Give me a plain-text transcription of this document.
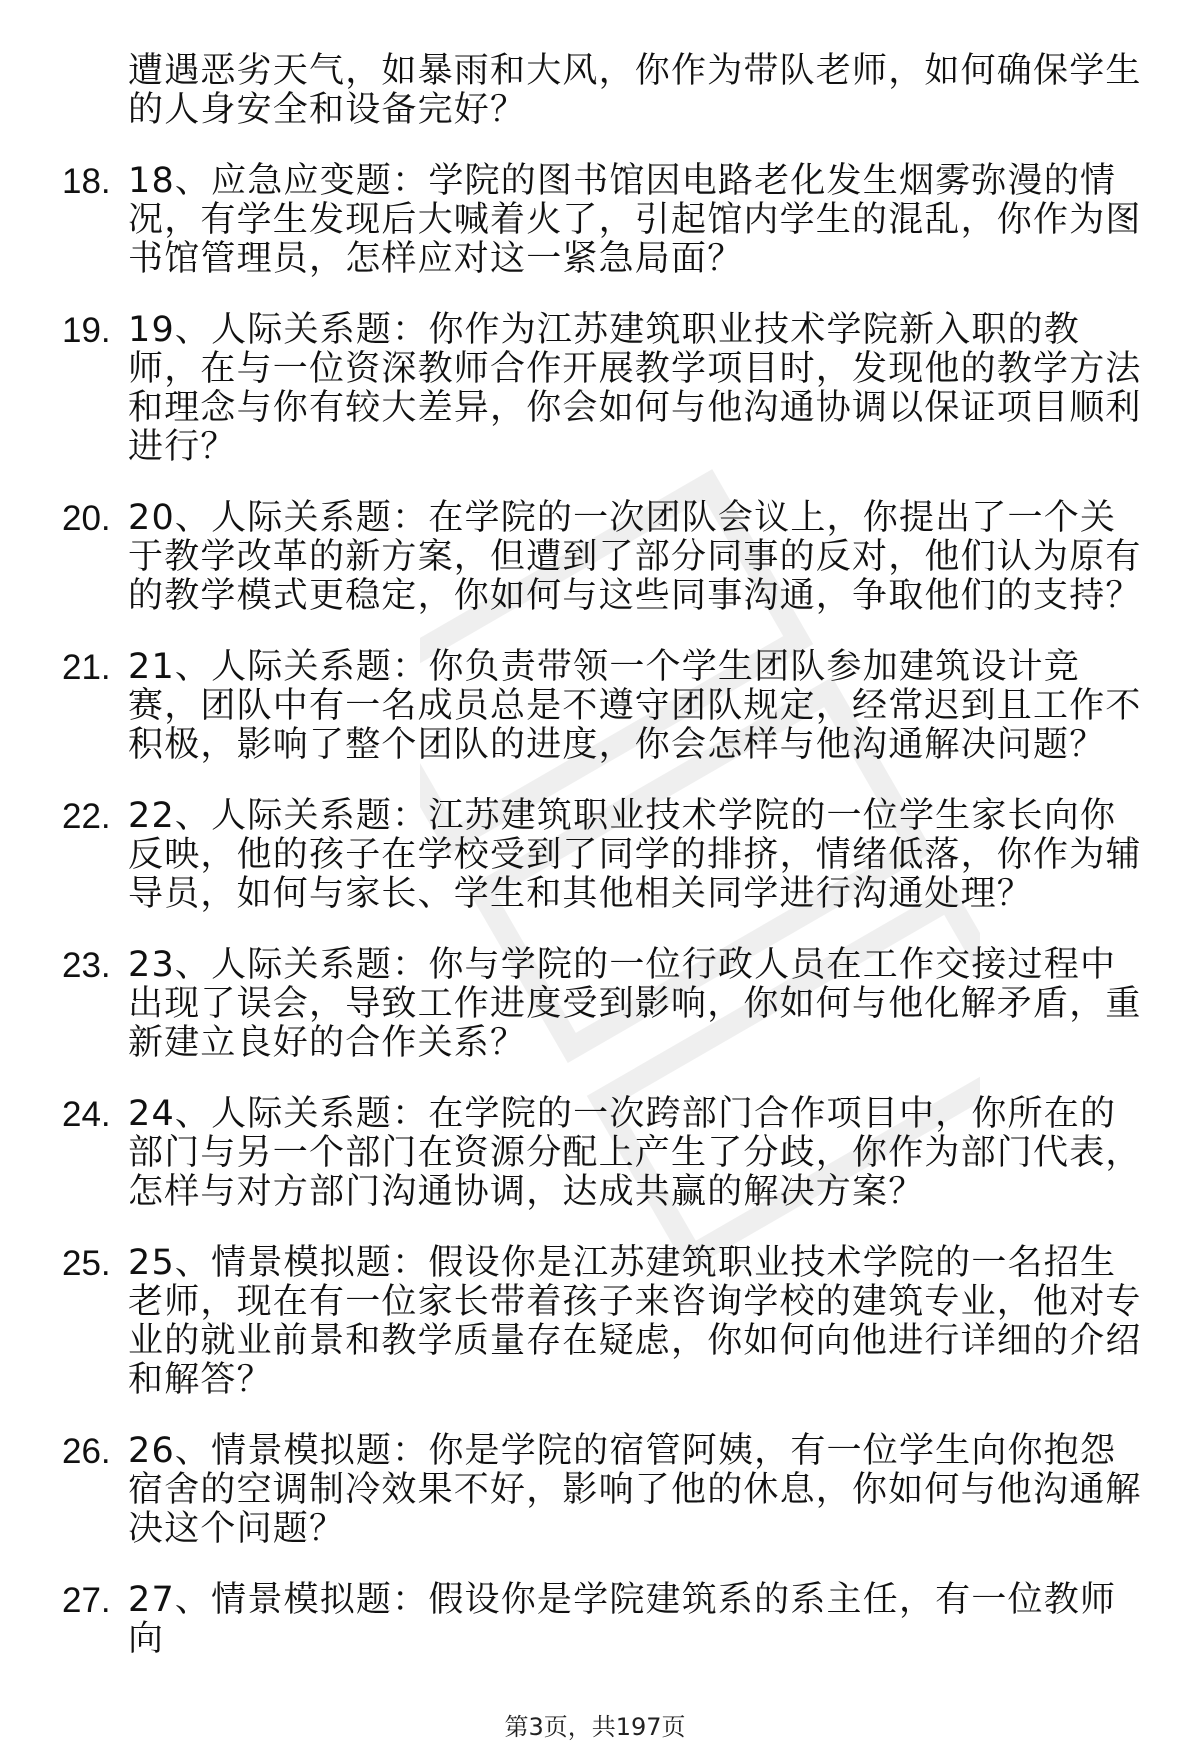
遭遇恶劣天气，如暴雨和大风，你作为带队老师，如何确保学生的人身安全和设备完好？
18. 18、应急应变题：学院的图书馆因电路老化发生烟雾弥漫的情况，有学生发现后大喊着火了，引起馆内学生的混乱，你作为图书馆管理员，怎样应对这一紧急局面？
19. 19、人际关系题：你作为江苏建筑职业技术学院新入职的教师，在与一位资深教师合作开展教学项目时，发现他的教学方法和理念与你有较大差异，你会如何与他沟通协调以保证项目顺利进行？
20. 20、人际关系题：在学院的一次团队会议上，你提出了一个关于教学改革的新方案，但遭到了部分同事的反对，他们认为原有的教学模式更稳定，你如何与这些同事沟通，争取他们的支持？
21. 21、人际关系题：你负责带领一个学生团队参加建筑设计竞赛，团队中有一名成员总是不遵守团队规定，经常迟到且工作不积极，影响了整个团队的进度，你会怎样与他沟通解决问题？
22. 22、人际关系题：江苏建筑职业技术学院的一位学生家长向你反映，他的孩子在学校受到了同学的排挤，情绪低落，你作为辅导员，如何与家长、学生和其他相关同学进行沟通处理？
23. 23、人际关系题：你与学院的一位行政人员在工作交接过程中出现了误会，导致工作进度受到影响，你如何与他化解矛盾，重新建立良好的合作关系？
24. 24、人际关系题：在学院的一次跨部门合作项目中，你所在的部门与另一个部门在资源分配上产生了分歧，你作为部门代表，怎样与对方部门沟通协调，达成共赢的解决方案？
25. 25、情景模拟题：假设你是江苏建筑职业技术学院的一名招生老师，现在有一位家长带着孩子来咨询学校的建筑专业，他对专业的就业前景和教学质量存在疑虑，你如何向他进行详细的介绍和解答？
26. 26、情景模拟题：你是学院的宿管阿姨，有一位学生向你抱怨宿舍的空调制冷效果不好，影响了他的休息，你如何与他沟通解决这个问题？
27. 27、情景模拟题：假设你是学院建筑系的系主任，有一位教师向
第3页，共197页
